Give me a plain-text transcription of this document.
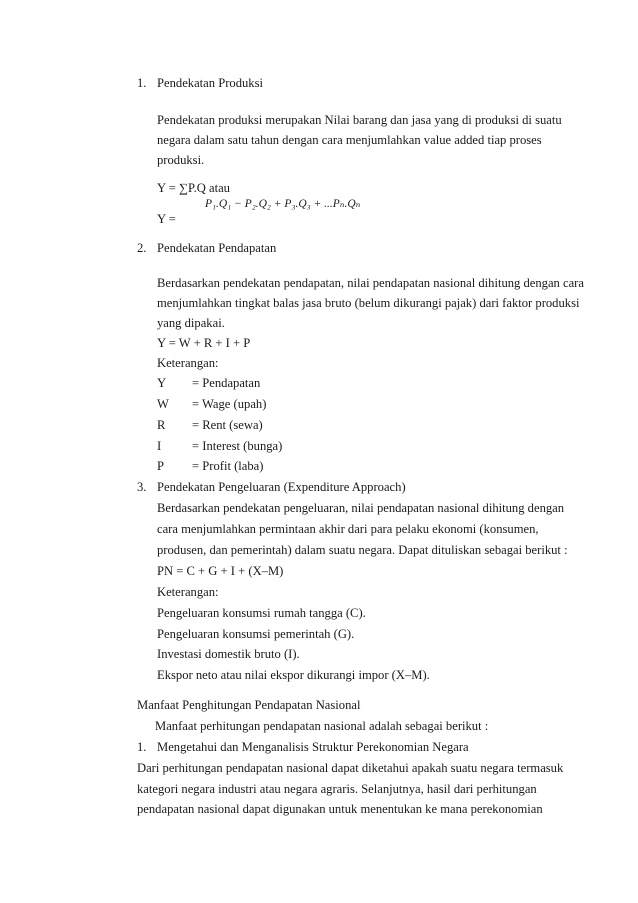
1. Pendekatan Produksi
Pendekatan produksi merupakan Nilai barang dan jasa yang di produksi di suatu
negara dalam satu tahun dengan cara menjumlahkan value added tiap proses
produksi.
Y = ∑P.Q atau
P₁.Q₁ − P₂.Q₂ + P₃.Q₃ + ...Pₙ.Qₙ
Y =
2. Pendekatan Pendapatan
Berdasarkan pendekatan pendapatan, nilai pendapatan nasional dihitung dengan cara
menjumlahkan tingkat balas jasa bruto (belum dikurangi pajak) dari faktor produksi
yang dipakai.
Y = W + R + I + P
Keterangan:
Y = Pendapatan
W = Wage (upah)
R = Rent (sewa)
I = Interest (bunga)
P = Profit (laba)
3. Pendekatan Pengeluaran (Expenditure Approach)
Berdasarkan pendekatan pengeluaran, nilai pendapatan nasional dihitung dengan
cara menjumlahkan permintaan akhir dari para pelaku ekonomi (konsumen,
produsen, dan pemerintah) dalam suatu negara. Dapat dituliskan sebagai berikut :
PN = C + G + I + (X–M)
Keterangan:
Pengeluaran konsumsi rumah tangga (C).
Pengeluaran konsumsi pemerintah (G).
Investasi domestik bruto (I).
Ekspor neto atau nilai ekspor dikurangi impor (X–M).
Manfaat Penghitungan Pendapatan Nasional
Manfaat perhitungan pendapatan nasional adalah sebagai berikut :
1. Mengetahui dan Menganalisis Struktur Perekonomian Negara
Dari perhitungan pendapatan nasional dapat diketahui apakah suatu negara termasuk
kategori negara industri atau negara agraris. Selanjutnya, hasil dari perhitungan
pendapatan nasional dapat digunakan untuk menentukan ke mana perekonomian
